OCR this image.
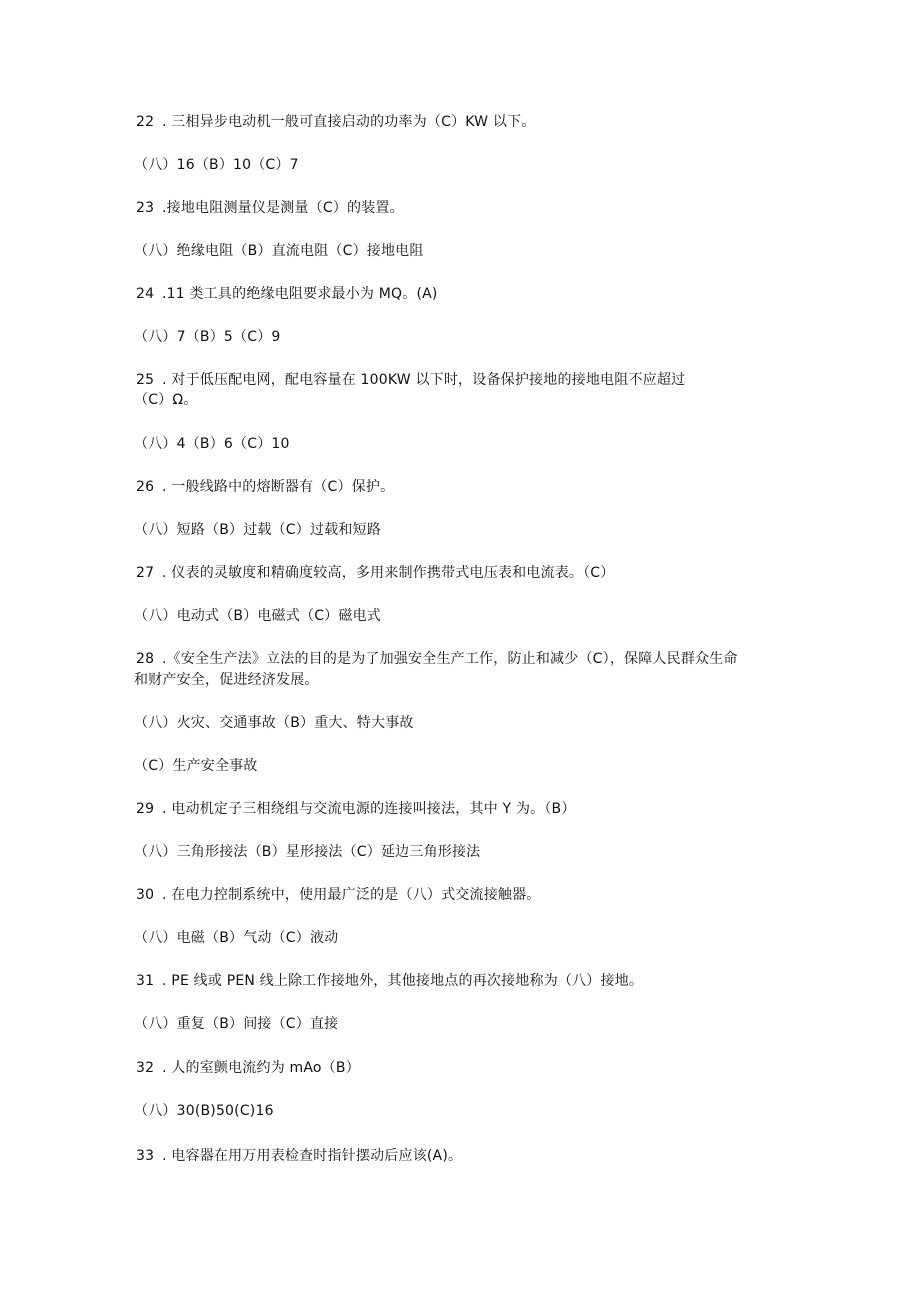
22 . 三相异步电动机一般可直接启动的功率为（C）KW 以下。
（八）16（B）10（C）7
23 .接地电阻测量仪是测量（C）的装置。
（八）绝缘电阻（B）直流电阻（C）接地电阻
24 .11 类工具的绝缘电阻要求最小为 MQ。(A)
（八）7（B）5（C）9
25 . 对于低压配电网，配电容量在 100KW 以下时，设备保护接地的接地电阻不应超过
（C）Ω。
（八）4（B）6（C）10
26 . 一般线路中的熔断器有（C）保护。
（八）短路（B）过载（C）过载和短路
27 . 仪表的灵敏度和精确度较高，多用来制作携带式电压表和电流表。（C）
（八）电动式（B）电磁式（C）磁电式
28 .《安全生产法》立法的目的是为了加强安全生产工作，防止和减少（C），保障人民群众生命
和财产安全，促进经济发展。
（八）火灾、交通事故（B）重大、特大事故
（C）生产安全事故
29 . 电动机定子三相绕组与交流电源的连接叫接法，其中 Y 为。（B）
（八）三角形接法（B）星形接法（C）延边三角形接法
30 . 在电力控制系统中，使用最广泛的是（八）式交流接触器。
（八）电磁（B）气动（C）液动
31 . PE 线或 PEN 线上除工作接地外，其他接地点的再次接地称为（八）接地。
（八）重复（B）间接（C）直接
32 . 人的室颤电流约为 mAo（B）
（八）30(B)50(C)16
33 . 电容器在用万用表检查时指针摆动后应该(A)。
